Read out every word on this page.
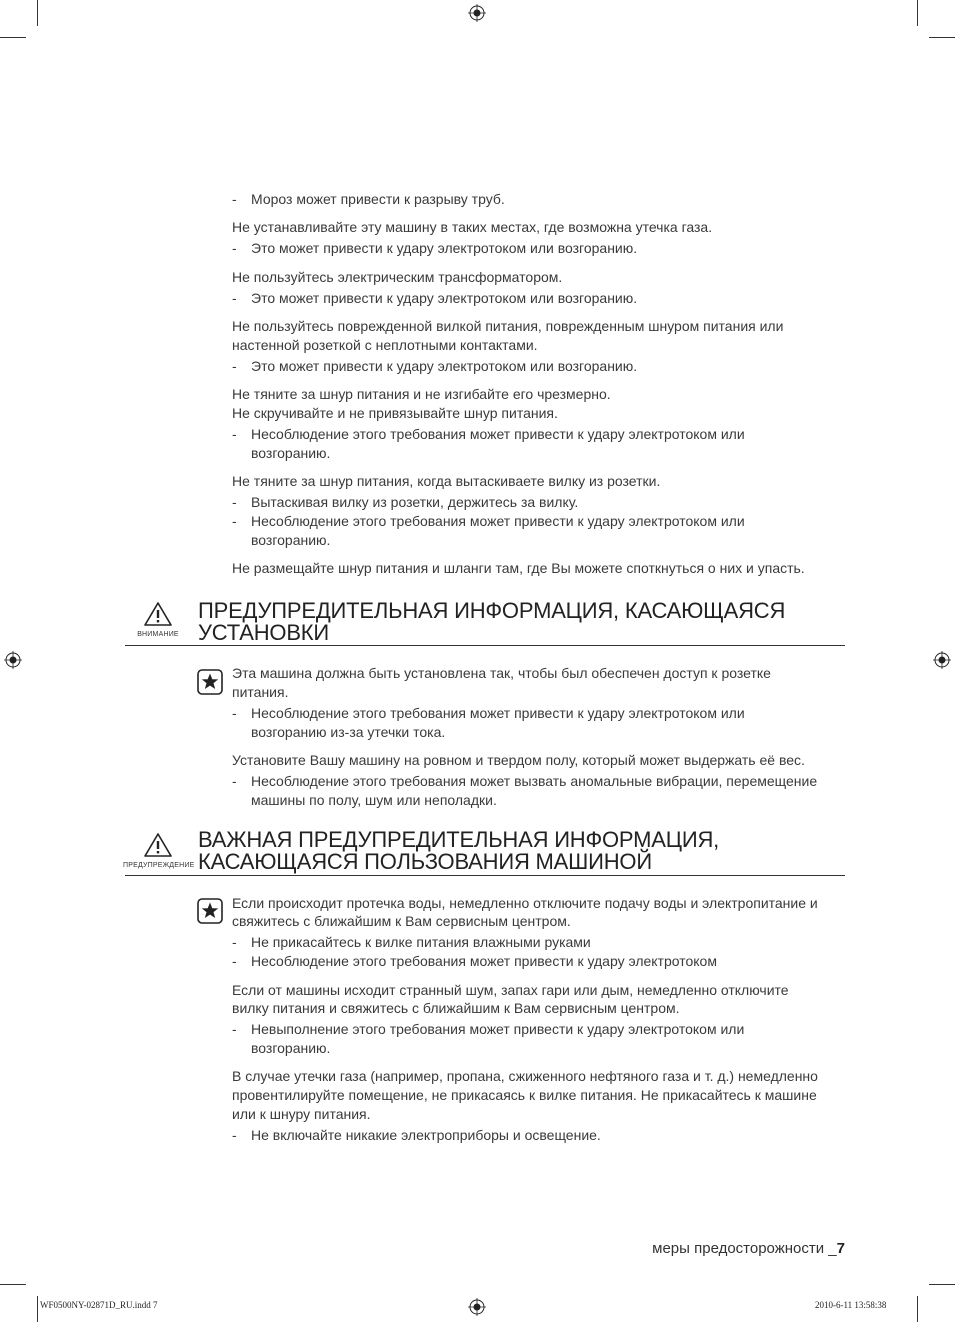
- Мороз может привести к разрыву труб.
Не устанавливайте эту машину в таких местах, где возможна утечка газа.
- Это может привести к удару электротоком или возгоранию.
Не пользуйтесь электрическим трансформатором.
- Это может привести к удару электротоком или возгоранию.
Не пользуйтесь поврежденной вилкой питания, поврежденным шнуром питания или
настенной розеткой с неплотными контактами.
- Это может привести к удару электротоком или возгоранию.
Не тяните за шнур питания и не изгибайте его чрезмерно.
Не скручивайте и не привязывайте шнур питания.
- Несоблюдение этого требования может привести к удару электротоком или
возгоранию.
Не тяните за шнур питания, когда вытаскиваете вилку из розетки.
- Вытаскивая вилку из розетки, держитесь за вилку.
- Несоблюдение этого требования может привести к удару электротоком или
возгоранию.
Не размещайте шнур питания и шланги там, где Вы можете споткнуться о них и упасть.
ВНИМАНИЕ
ПРЕДУПРЕДИТЕЛЬНАЯ ИНФОРМАЦИЯ, КАСАЮЩАЯСЯ
УСТАНОВКИ
Эта машина должна быть установлена так, чтобы был обеспечен доступ к розетке
питания.
- Несоблюдение этого требования может привести к удару электротоком или
возгоранию из-за утечки тока.
Установите Вашу машину на ровном и твердом полу, который может выдержать её вес.
- Несоблюдение этого требования может вызвать аномальные вибрации, перемещение
машины по полу, шум или неполадки.
ПРЕДУПРЕЖДЕНИЕ
ВАЖНАЯ ПРЕДУПРЕДИТЕЛЬНАЯ ИНФОРМАЦИЯ,
КАСАЮЩАЯСЯ ПОЛЬЗОВАНИЯ МАШИНОЙ
Если происходит протечка воды, немедленно отключите подачу воды и электропитание и
свяжитесь с ближайшим к Вам сервисным центром.
- Не прикасайтесь к вилке питания влажными руками
- Несоблюдение этого требования может привести к удару электротоком
Если от машины исходит странный шум, запах гари или дым, немедленно отключите
вилку питания и свяжитесь с ближайшим к Вам сервисным центром.
- Невыполнение этого требования может привести к удару электротоком или
возгоранию.
В случае утечки газа (например, пропана, сжиженного нефтяного газа и т. д.) немедленно
провентилируйте помещение, не прикасаясь к вилке питания. Не прикасайтесь к машине
или к шнуру питания.
- Не включайте никакие электроприборы и освещение.
меры предосторожности _7
WF0500NY-02871D_RU.indd 7	2010-6-11 13:58:38
